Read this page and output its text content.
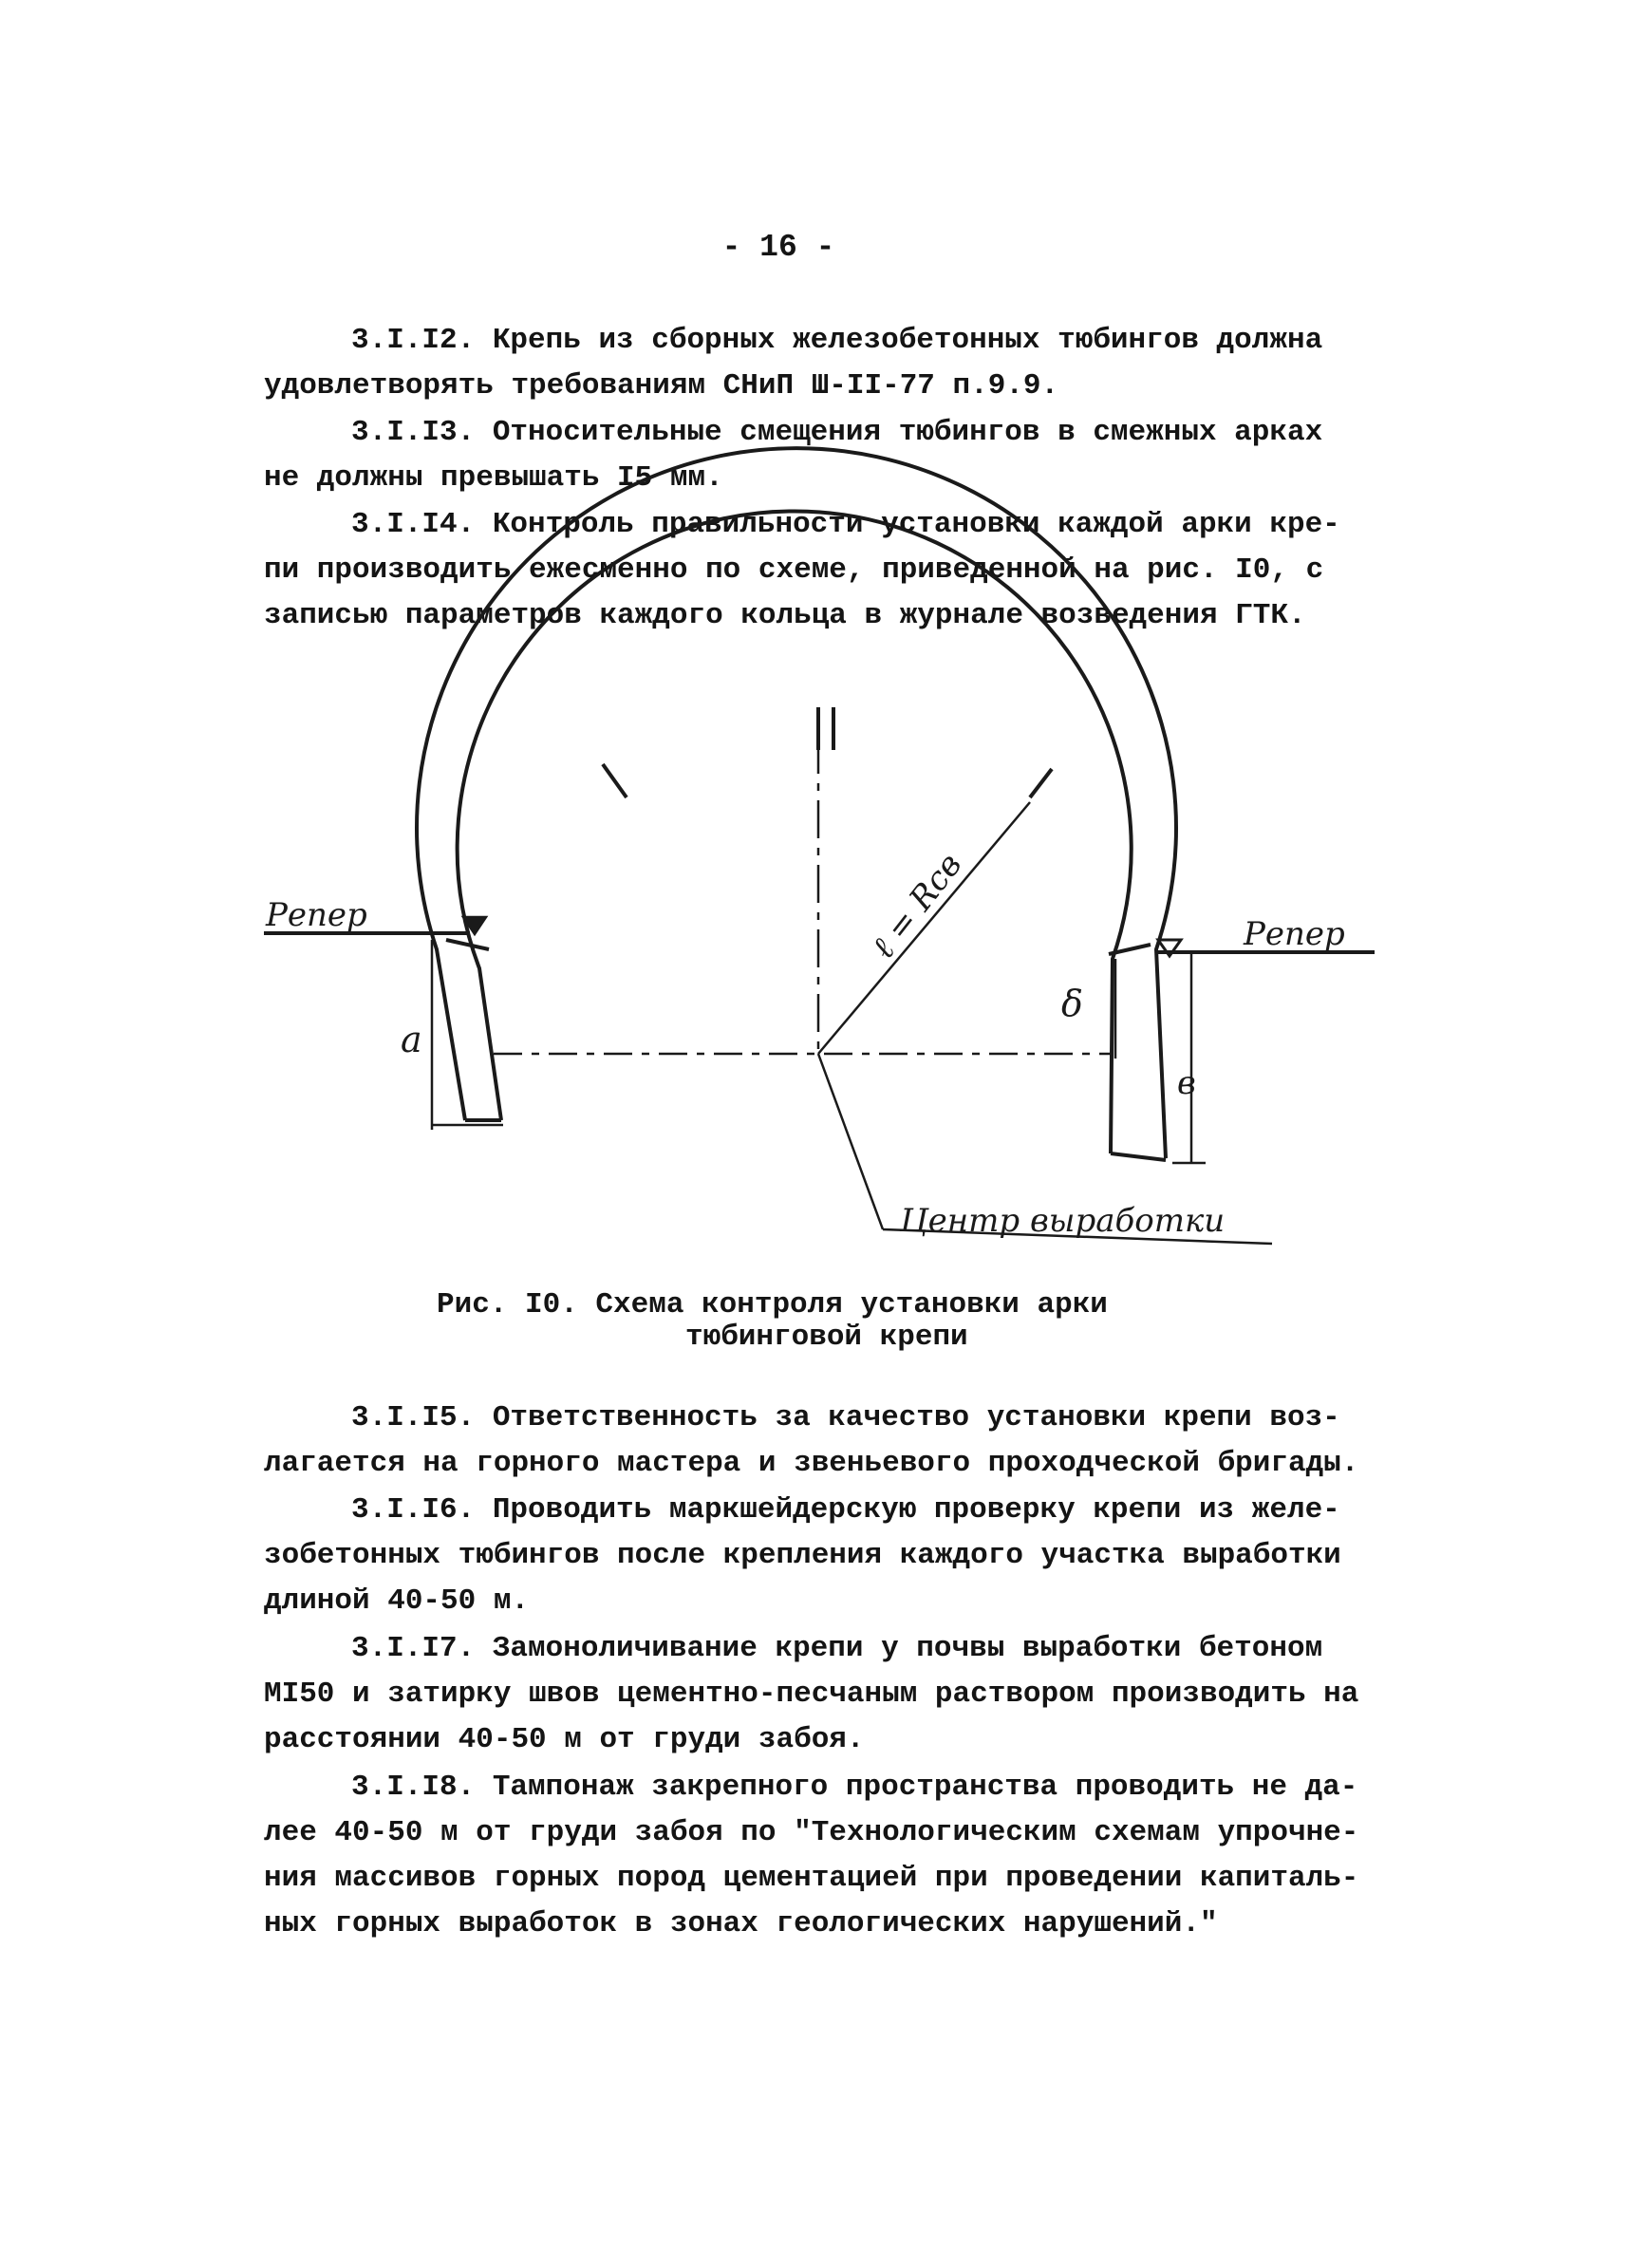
- 16 -
3.I.I2. Крепь из сборных железобетонных тюбингов должна
удовлетворять требованиям СНиП Ш-II-77 п.9.9.
3.I.I3. Относительные смещения тюбингов в смежных арках
не должны превышать I5 мм.
3.I.I4. Контроль правильности установки каждой арки кре-
пи производить ежесменно по схеме, приведенной на рис. I0, с
записью параметров каждого кольца в журнале возведения ГТК.
Репер	Репер
ℓ = Rсв
a
в
δ
Центр выработки
Рис. I0. Схема контроля установки арки
тюбинговой крепи
3.I.I5. Ответственность за качество установки крепи воз-
лагается на горного мастера и звеньевого проходческой бригады.
3.I.I6. Проводить маркшейдерскую проверку крепи из желе-
зобетонных тюбингов после крепления каждого участка выработки
длиной 40-50 м.
3.I.I7. Замоноличивание крепи у почвы выработки бетоном
МI50 и затирку швов цементно-песчаным раствором производить на
расстоянии 40-50 м от груди забоя.
3.I.I8. Тампонаж закрепного пространства проводить не да-
лее 40-50 м от груди забоя по "Технологическим схемам упрочне-
ния массивов горных пород цементацией при проведении капиталь-
ных горных выработок в зонах геологических нарушений."
